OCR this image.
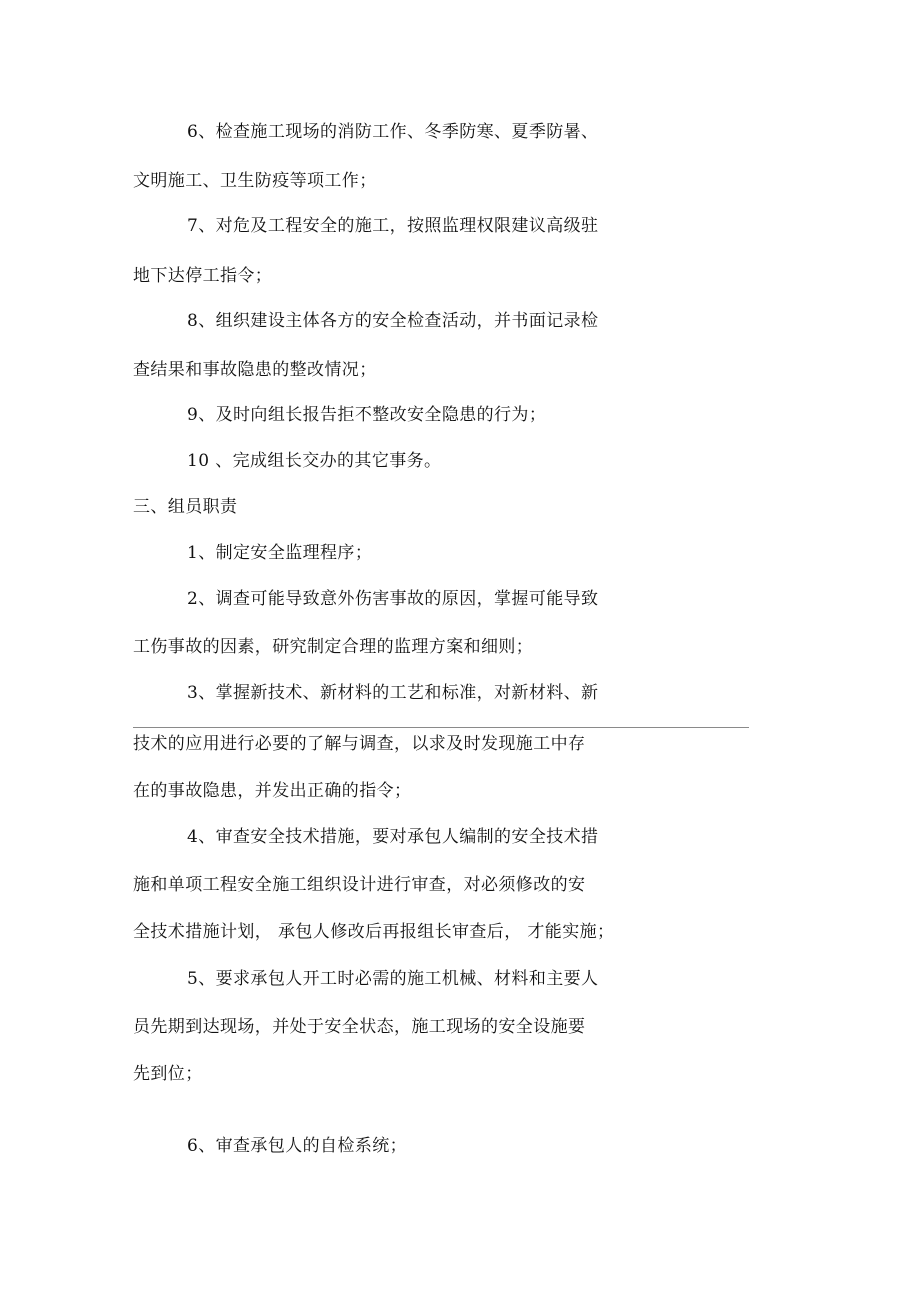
6、检查施工现场的消防工作、冬季防寒、夏季防暑、
文明施工、卫生防疫等项工作；
7、对危及工程安全的施工，按照监理权限建议高级驻
地下达停工指令；
8、组织建设主体各方的安全检查活动，并书面记录检
查结果和事故隐患的整改情况；
9、及时向组长报告拒不整改安全隐患的行为；
10 、完成组长交办的其它事务。
三、组员职责
1、制定安全监理程序；
2、调查可能导致意外伤害事故的原因，掌握可能导致
工伤事故的因素，研究制定合理的监理方案和细则；
3、掌握新技术、新材料的工艺和标准，对新材料、新
技术的应用进行必要的了解与调查，以求及时发现施工中存
在的事故隐患，并发出正确的指令；
4、审查安全技术措施，要对承包人编制的安全技术措
施和单项工程安全施工组织设计进行审查，对必须修改的安
全技术措施计划， 承包人修改后再报组长审查后， 才能实施；
5、要求承包人开工时必需的施工机械、材料和主要人
员先期到达现场，并处于安全状态，施工现场的安全设施要
先到位；
6、审查承包人的自检系统；
